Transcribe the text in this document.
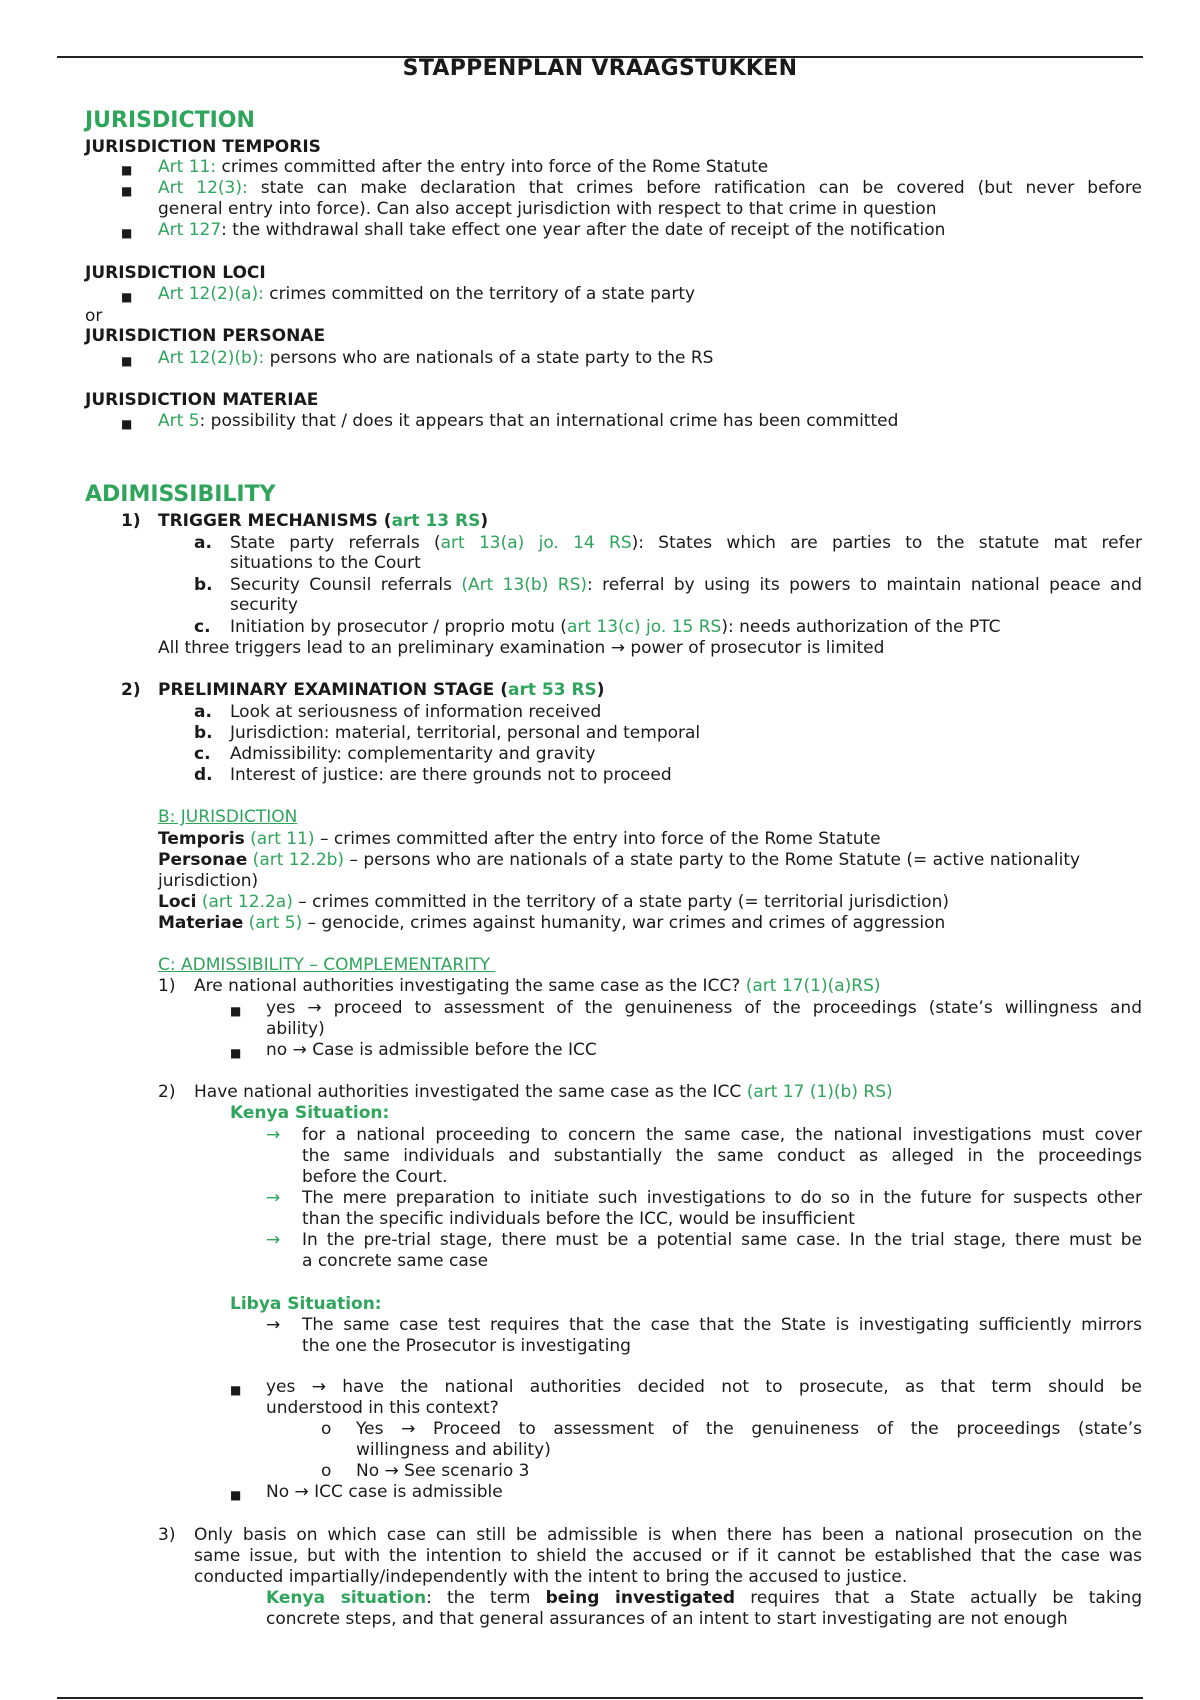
STAPPENPLAN VRAAGSTUKKEN
JURISDICTION
JURISDICTION TEMPORIS
■ Art 11: crimes committed after the entry into force of the Rome Statute
■ Art 12(3): state can make declaration that crimes before ratification can be covered (but never before
general entry into force). Can also accept jurisdiction with respect to that crime in question
■ Art 127: the withdrawal shall take effect one year after the date of receipt of the notification
JURISDICTION LOCI
■ Art 12(2)(a): crimes committed on the territory of a state party
or
JURISDICTION PERSONAE
■ Art 12(2)(b): persons who are nationals of a state party to the RS
JURISDICTION MATERIAE
■ Art 5: possibility that / does it appears that an international crime has been committed
ADIMISSIBILITY
1) TRIGGER MECHANISMS (art 13 RS)
a. State party referrals (art 13(a) jo. 14 RS): States which are parties to the statute mat refer
situations to the Court
b. Security Counsil referrals (Art 13(b) RS): referral by using its powers to maintain national peace and
security
c. Initiation by prosecutor / proprio motu (art 13(c) jo. 15 RS): needs authorization of the PTC
All three triggers lead to an preliminary examination → power of prosecutor is limited
2) PRELIMINARY EXAMINATION STAGE (art 53 RS)
a. Look at seriousness of information received
b. Jurisdiction: material, territorial, personal and temporal
c. Admissibility: complementarity and gravity
d. Interest of justice: are there grounds not to proceed
B: JURISDICTION
Temporis (art 11) – crimes committed after the entry into force of the Rome Statute
Personae (art 12.2b) – persons who are nationals of a state party to the Rome Statute (= active nationality
jurisdiction)
Loci (art 12.2a) – crimes committed in the territory of a state party (= territorial jurisdiction)
Materiae (art 5) – genocide, crimes against humanity, war crimes and crimes of aggression
C: ADMISSIBILITY – COMPLEMENTARITY
1) Are national authorities investigating the same case as the ICC? (art 17(1)(a)RS)
■ yes → proceed to assessment of the genuineness of the proceedings (state’s willingness and
ability)
■ no → Case is admissible before the ICC
2) Have national authorities investigated the same case as the ICC (art 17 (1)(b) RS)
Kenya Situation:
→ for a national proceeding to concern the same case, the national investigations must cover
the same individuals and substantially the same conduct as alleged in the proceedings
before the Court.
→ The mere preparation to initiate such investigations to do so in the future for suspects other
than the specific individuals before the ICC, would be insufficient
→ In the pre-trial stage, there must be a potential same case. In the trial stage, there must be
a concrete same case
Libya Situation:
→ The same case test requires that the case that the State is investigating sufficiently mirrors
the one the Prosecutor is investigating
■ yes → have the national authorities decided not to prosecute, as that term should be
understood in this context?
o Yes → Proceed to assessment of the genuineness of the proceedings (state’s
willingness and ability)
o No → See scenario 3
■ No → ICC case is admissible
3) Only basis on which case can still be admissible is when there has been a national prosecution on the
same issue, but with the intention to shield the accused or if it cannot be established that the case was
conducted impartially/independently with the intent to bring the accused to justice.
Kenya situation: the term being investigated requires that a State actually be taking
concrete steps, and that general assurances of an intent to start investigating are not enough
